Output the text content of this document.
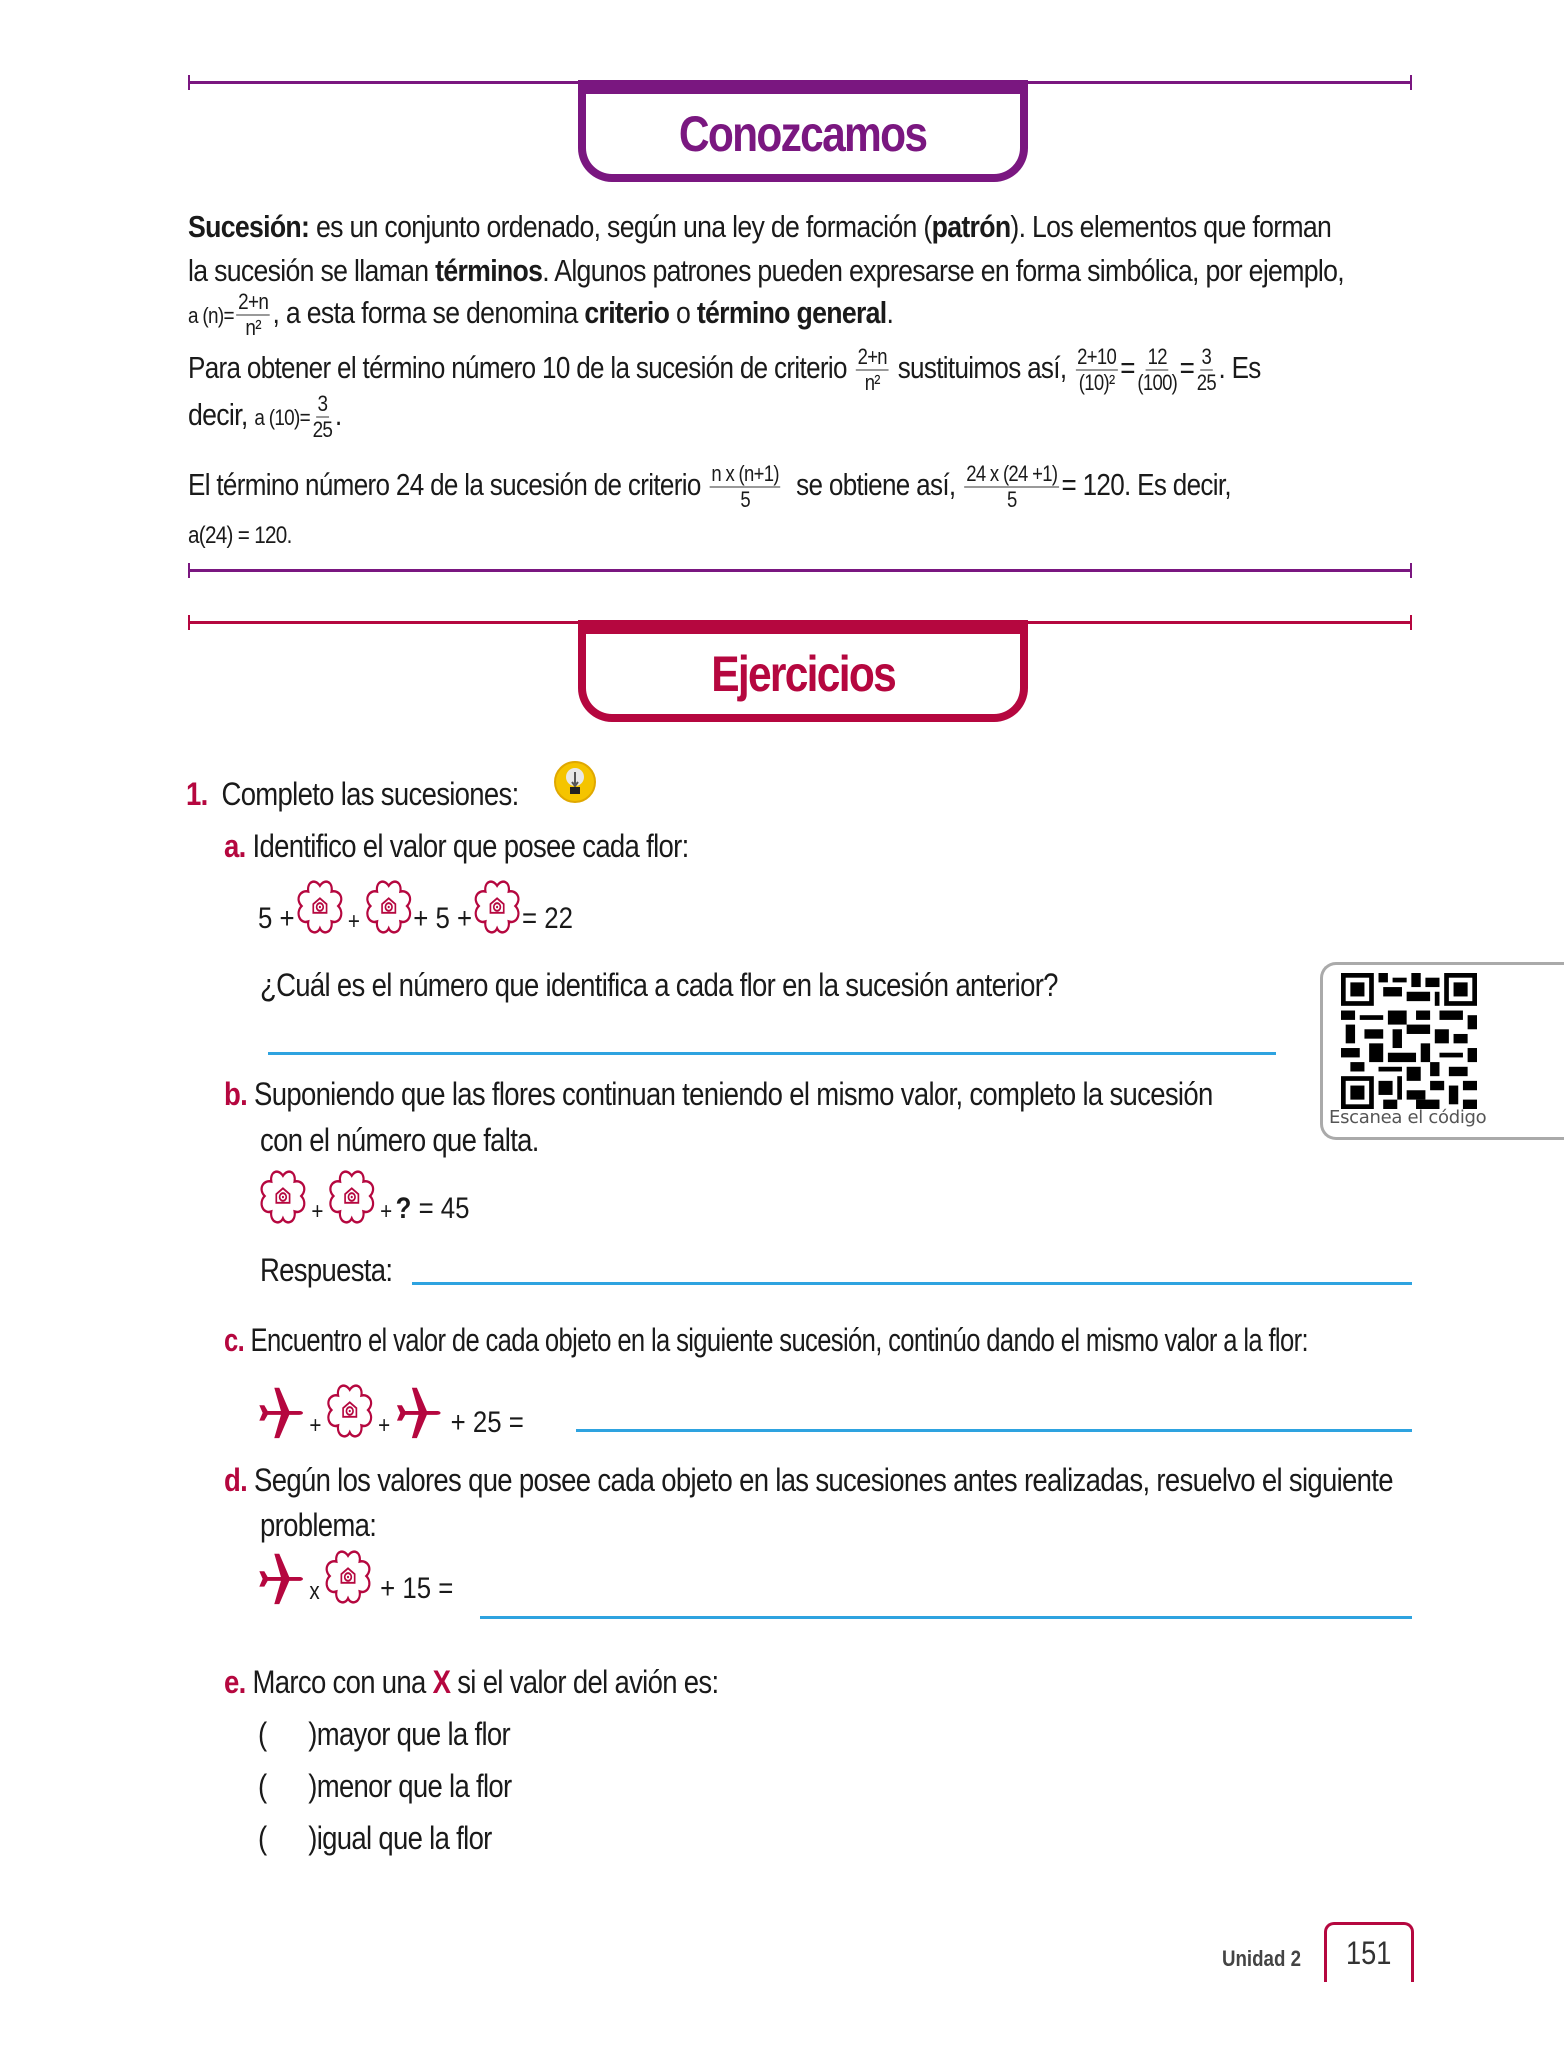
Conozcamos
Sucesión: es un conjunto ordenado, según una ley de formación (patrón). Los elementos que forman
la sucesión se llaman términos. Algunos patrones pueden expresarse en forma simbólica, por ejemplo,
a $(n)= \frac{2+n}{\text{n²}}$ , a esta forma se denomina criterio o término general.
Para obtener el término número 10 de la sucesión de criterio $\frac{2+n}{\text{n²}}$ sustituimos así, $\frac{2+10}{\text{(10)²}} = \frac{12}{(100)} = \frac{3}{25}$ . Es
decir, a $(10)= \frac{3}{25}$ .
El término número 24 de la sucesión de criterio $\frac{\text{n x (n+1)}}{5}$ se obtiene así, $\frac{24 x (24 +1)}{5} = 120$. Es decir,
a(24) = 120.
Ejercicios
1. Completo las sucesiones:
a. Identifico el valor que posee cada flor:
5 + + + 5 + = 22
¿Cuál es el número que identifica a cada flor en la sucesión anterior?
Escanea el código
b. Suponiendo que las flores continuan teniendo el mismo valor, completo la sucesión
con el número que falta.
+ + ?
= 45
Respuesta:
c. Encuentro el valor de cada objeto en la siguiente sucesión, continúo dando el mismo valor a la flor:
+ +
+ 25 =
d. Según los valores que posee cada objeto en las sucesiones antes realizadas, resuelvo el siguiente
problema:
x
+ 15 =
e. Marco con una X si el valor del avión es:
(      )mayor que la flor
(      )menor que la flor
(      )igual que la flor
Unidad 2 151
